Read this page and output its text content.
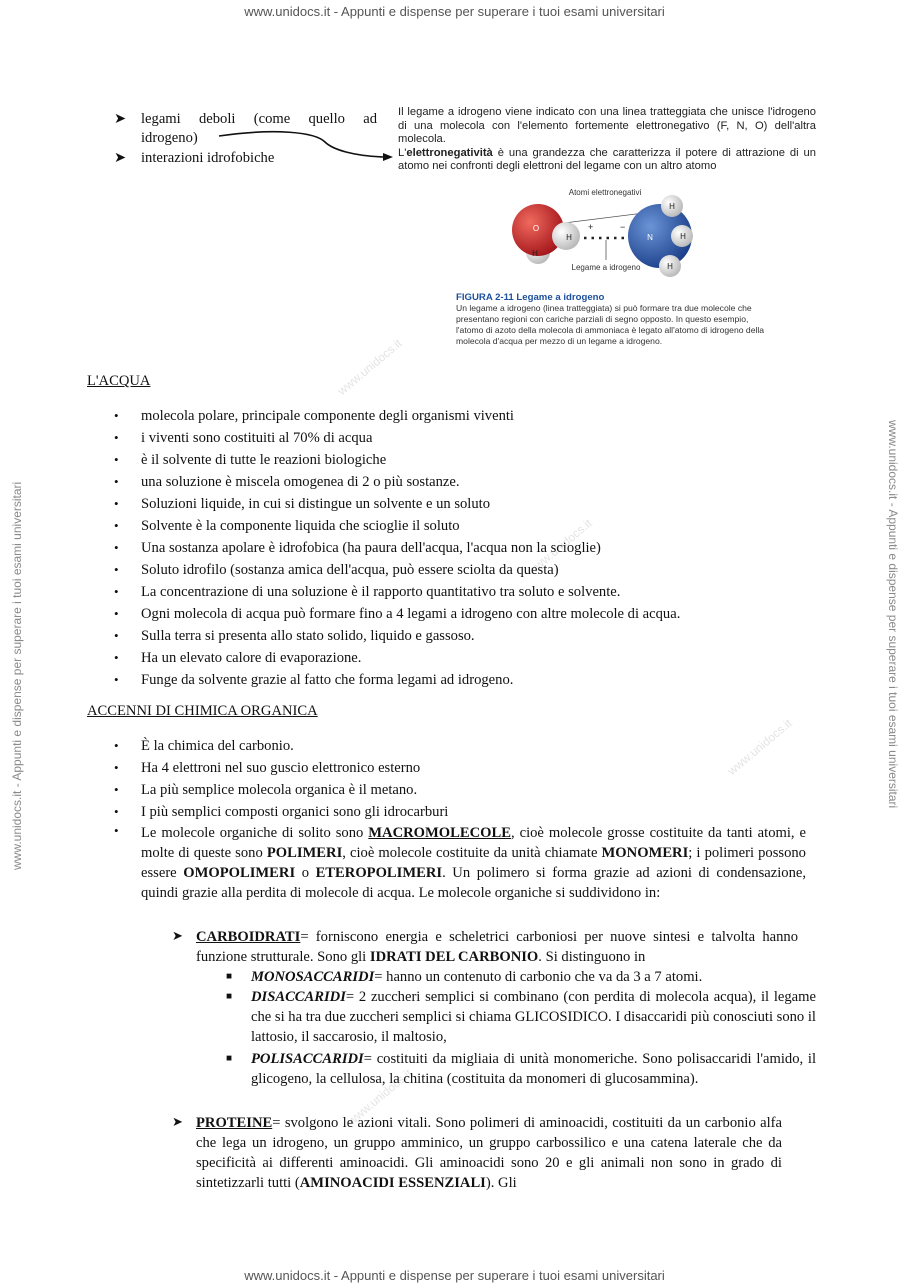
www.unidocs.it - Appunti e dispense per superare i tuoi esami universitari
www.unidocs.it - Appunti e dispense per superare i tuoi esami universitari
www.unidocs.it - Appunti e dispense per superare i tuoi esami universitari	www.unidocs.it - Appunti e dispense per superare i tuoi esami universitari
www.unidocs.it
www.unidocs.it
www.unidocs.it
www.unidocs.it
➤ legami deboli (come quello ad idrogeno)
➤ interazioni idrofobiche
Il legame a idrogeno viene indicato con una linea tratteggiata che unisce l'idrogeno di una molecola con l'elemento fortemente elettronegativo (F, N, O) dell'altra molecola.
L'elettronegatività è una grandezza che caratterizza il potere di attrazione di un atomo nei confronti degli elettroni del legame con un altro atomo
Atomi elettronegativi
O
H
H	N
H
H
H
+	−
Legame a idrogeno
FIGURA 2-11 Legame a idrogeno
Un legame a idrogeno (linea tratteggiata) si può formare tra due molecole che presentano regioni con cariche parziali di segno opposto. In questo esempio, l'atomo di azoto della molecola di ammoniaca è legato all'atomo di idrogeno della molecola d'acqua per mezzo di un legame a idrogeno.
L'ACQUA
• molecola polare, principale componente degli organismi viventi
• i viventi sono costituiti al 70% di acqua
• è il solvente di tutte le reazioni biologiche
• una soluzione è miscela omogenea di 2 o più sostanze.
• Soluzioni liquide, in cui si distingue un solvente e un soluto
• Solvente è la componente liquida che scioglie il soluto
• Una sostanza apolare è idrofobica (ha paura dell'acqua, l'acqua non la scioglie)
• Soluto idrofilo (sostanza amica dell'acqua, può essere sciolta da questa)
• La concentrazione di una soluzione è il rapporto quantitativo tra soluto e solvente.
• Ogni molecola di acqua può formare fino a 4 legami a idrogeno con altre molecole di acqua.
• Sulla terra si presenta allo stato solido, liquido e gassoso.
• Ha un elevato calore di evaporazione.
• Funge da solvente grazie al fatto che forma legami ad idrogeno.
ACCENNI DI CHIMICA ORGANICA
• È la chimica del carbonio.
• Ha 4 elettroni nel suo guscio elettronico esterno
• La più semplice molecola organica è il metano.
• I più semplici composti organici sono gli idrocarburi
• Le molecole organiche di solito sono MACROMOLECOLE, cioè molecole grosse costituite da tanti atomi, e molte di queste sono POLIMERI, cioè molecole costituite da unità chiamate MONOMERI; i polimeri possono essere OMOPOLIMERI o ETEROPOLIMERI. Un polimero si forma grazie ad azioni di condensazione, quindi grazie alla perdita di molecole di acqua. Le molecole organiche si suddividono in:
➤ CARBOIDRATI= forniscono energia e scheletrici carboniosi per nuove sintesi e talvolta hanno funzione strutturale. Sono gli IDRATI DEL CARBONIO. Si distinguono in
■ MONOSACCARIDI= hanno un contenuto di carbonio che va da 3 a 7 atomi.
■ DISACCARIDI= 2 zuccheri semplici si combinano (con perdita di molecola acqua), il legame che si ha tra due zuccheri semplici si chiama GLICOSIDICO. I disaccaridi più conosciuti sono il lattosio, il saccarosio, il maltosio,
■ POLISACCARIDI= costituiti da migliaia di unità monomeriche. Sono polisaccaridi l'amido, il glicogeno, la cellulosa, la chitina (costituita da monomeri di glucosammina).
➤ PROTEINE= svolgono le azioni vitali. Sono polimeri di aminoacidi, costituiti da un carbonio alfa che lega un idrogeno, un gruppo amminico, un gruppo carbossilico e una catena laterale che da specificità ai differenti aminoacidi. Gli aminoacidi sono 20 e gli animali non sono in grado di sintetizzarli tutti (AMINOACIDI ESSENZIALI). Gli
